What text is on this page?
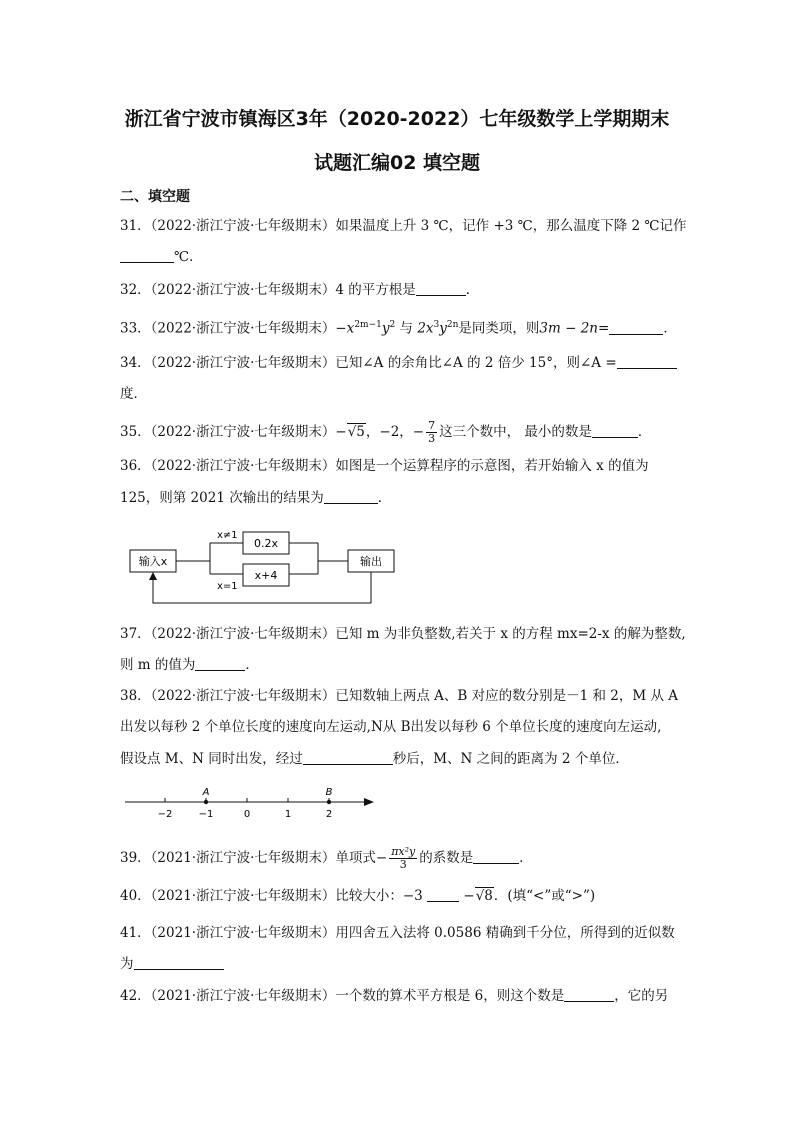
浙江省宁波市镇海区3年（2020-2022）七年级数学上学期期末
试题汇编02 填空题
二、填空题
31．（2022·浙江宁波·七年级期末）如果温度上升 3 ℃，记作 +3 ℃，那么温度下降 2 ℃记作
℃．
32．（2022·浙江宁波·七年级期末）4 的平方根是	．
33．（2022·浙江宁波·七年级期末）$-x^{2m-1}y^2$ 与 $2x^3y^{2n}$是同类项，则3m − 2n=	．
34．（2022·浙江宁波·七年级期末）已知∠A 的余角比∠A 的 2 倍少 15°，则∠A =
度．
35．（2022·浙江宁波·七年级期末）−√5，−2，− $\frac{7}{3}$ 这三个数中， 最小的数是	．
36．（2022·浙江宁波·七年级期末）如图是一个运算程序的示意图，若开始输入 x 的值为
125，则第 2021 次输出的结果为	．
输入x
x≠1
x=1
0.2x
x+4
输出
37．（2022·浙江宁波·七年级期末）已知 m 为非负整数,若关于 x 的方程 mx=2-x 的解为整数,
则 m 的值为	．
38．（2022·浙江宁波·七年级期末）已知数轴上两点 A、B 对应的数分别是－1 和 2，M 从 A
出发以每秒 2 个单位长度的速度向左运动,N从 B出发以每秒 6 个单位长度的速度向左运动,
假设点 M、N 同时出发，经过	秒后，M、N 之间的距离为 2 个单位．
A	B
−2	−1	0	1	2
39．（2021·浙江宁波·七年级期末）单项式− $\frac{\text{πx²y}}{3}$ 的系数是	．
40．（2021·浙江宁波·七年级期末）比较大小：−3	−√8．(填“<”或“>”)
41．（2021·浙江宁波·七年级期末）用四舍五入法将 0.0586 精确到千分位，所得到的近似数
为
42．（2021·浙江宁波·七年级期末）一个数的算术平方根是 6，则这个数是	，它的另
